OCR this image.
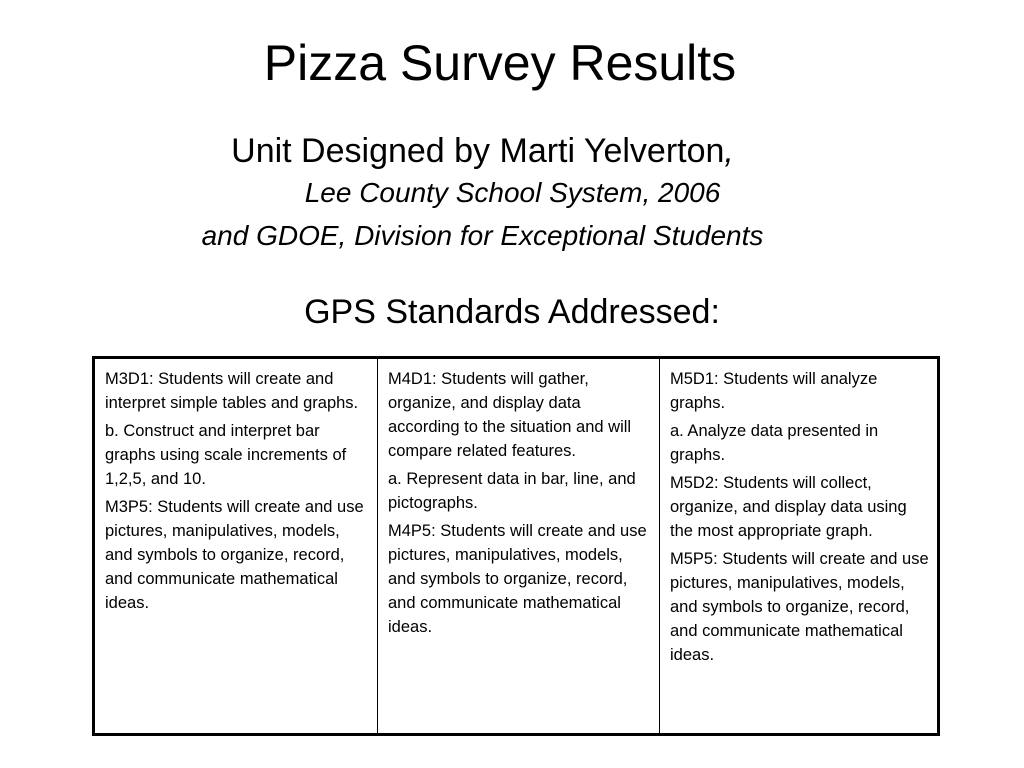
Pizza Survey Results
Unit Designed by Marti Yelverton,
Lee County School System, 2006
and GDOE, Division for Exceptional Students
GPS Standards Addressed:

M3D1: Students will create and interpret simple tables and graphs.

b. Construct and interpret bar graphs using scale increments of 1,2,5, and 10.

M3P5: Students will create and use pictures, manipulatives, models, and symbols to organize, record, and communicate mathematical ideas.

M4D1: Students will gather, organize, and display data according to the situation and will compare related features.

a. Represent data in bar, line, and pictographs.

M4P5: Students will create and use pictures, manipulatives, models, and symbols to organize, record, and communicate mathematical ideas.

M5D1: Students will analyze graphs.

a. Analyze data presented in graphs.

M5D2: Students will collect, organize, and display data using the most appropriate graph.

M5P5: Students will create and use pictures, manipulatives, models, and symbols to organize, record, and communicate mathematical ideas.
